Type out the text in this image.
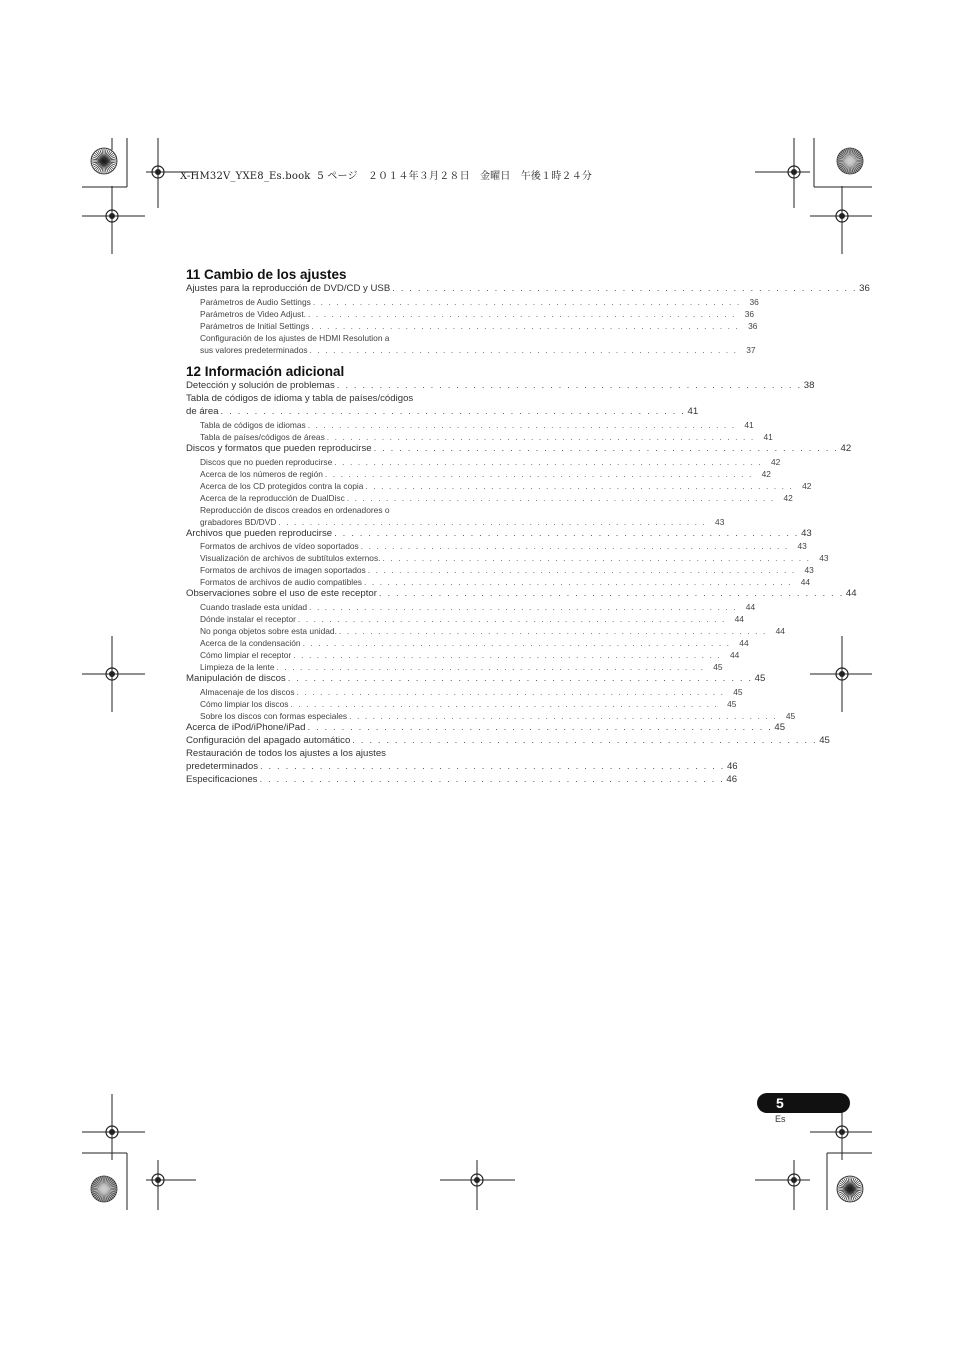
X-HM32V_YXE8_Es.book 5 ページ ２０１４年３月２８日 金曜日 午後１時２４分
11 Cambio de los ajustes
Ajustes para la reproducción de DVD/CD y USB . . . . . . . . . . . . . . . . . . . . . . . . . . . . . . . . . . . . . . . . . . . . . . . . . . . . . . . 36
Parámetros de Audio Settings . . . . . . . . . . . . . . . . . . . . . . . . . . . . . . . . . . . . . . . . . . . . . . . . . . . . . . .	36
Parámetros de Video Adjust. . . . . . . . . . . . . . . . . . . . . . . . . . . . . . . . . . . . . . . . . . . . . . . . . . . . . . . .	36
Parámetros de Initial Settings . . . . . . . . . . . . . . . . . . . . . . . . . . . . . . . . . . . . . . . . . . . . . . . . . . . . . . .	36
Configuración de los ajustes de HDMI Resolution a
sus valores predeterminados . . . . . . . . . . . . . . . . . . . . . . . . . . . . . . . . . . . . . . . . . . . . . . . . . . . . . . .	37
12 Información adicional
Detección y solución de problemas . . . . . . . . . . . . . . . . . . . . . . . . . . . . . . . . . . . . . . . . . . . . . . . . . . . . . . . 38
Tabla de códigos de idioma y tabla de países/códigos
de área . . . . . . . . . . . . . . . . . . . . . . . . . . . . . . . . . . . . . . . . . . . . . . . . . . . . . . . 41
Tabla de códigos de idiomas . . . . . . . . . . . . . . . . . . . . . . . . . . . . . . . . . . . . . . . . . . . . . . . . . . . . . . .	41
Tabla de países/códigos de áreas . . . . . . . . . . . . . . . . . . . . . . . . . . . . . . . . . . . . . . . . . . . . . . . . . . . . . . .	41
Discos y formatos que pueden reproducirse . . . . . . . . . . . . . . . . . . . . . . . . . . . . . . . . . . . . . . . . . . . . . . . . . . . . . . . 42
Discos que no pueden reproducirse . . . . . . . . . . . . . . . . . . . . . . . . . . . . . . . . . . . . . . . . . . . . . . . . . . . . . . .	42
Acerca de los números de región . . . . . . . . . . . . . . . . . . . . . . . . . . . . . . . . . . . . . . . . . . . . . . . . . . . . . . .	42
Acerca de los CD protegidos contra la copia . . . . . . . . . . . . . . . . . . . . . . . . . . . . . . . . . . . . . . . . . . . . . . . . . . . . . . .	42
Acerca de la reproducción de DualDisc . . . . . . . . . . . . . . . . . . . . . . . . . . . . . . . . . . . . . . . . . . . . . . . . . . . . . . .	42
Reproducción de discos creados en ordenadores o
grabadores BD/DVD . . . . . . . . . . . . . . . . . . . . . . . . . . . . . . . . . . . . . . . . . . . . . . . . . . . . . . .	43
Archivos que pueden reproducirse . . . . . . . . . . . . . . . . . . . . . . . . . . . . . . . . . . . . . . . . . . . . . . . . . . . . . . . 43
Formatos de archivos de vídeo soportados . . . . . . . . . . . . . . . . . . . . . . . . . . . . . . . . . . . . . . . . . . . . . . . . . . . . . . .	43
Visualización de archivos de subtítulos externos. . . . . . . . . . . . . . . . . . . . . . . . . . . . . . . . . . . . . . . . . . . . . . . . . . . . . . . .	43
Formatos de archivos de imagen soportados . . . . . . . . . . . . . . . . . . . . . . . . . . . . . . . . . . . . . . . . . . . . . . . . . . . . . . .	43
Formatos de archivos de audio compatibles . . . . . . . . . . . . . . . . . . . . . . . . . . . . . . . . . . . . . . . . . . . . . . . . . . . . . . .	44
Observaciones sobre el uso de este receptor . . . . . . . . . . . . . . . . . . . . . . . . . . . . . . . . . . . . . . . . . . . . . . . . . . . . . . . 44
Cuando traslade esta unidad . . . . . . . . . . . . . . . . . . . . . . . . . . . . . . . . . . . . . . . . . . . . . . . . . . . . . . .	44
Dónde instalar el receptor . . . . . . . . . . . . . . . . . . . . . . . . . . . . . . . . . . . . . . . . . . . . . . . . . . . . . . .	44
No ponga objetos sobre esta unidad. . . . . . . . . . . . . . . . . . . . . . . . . . . . . . . . . . . . . . . . . . . . . . . . . . . . . . . .	44
Acerca de la condensación . . . . . . . . . . . . . . . . . . . . . . . . . . . . . . . . . . . . . . . . . . . . . . . . . . . . . . .	44
Cómo limpiar el receptor . . . . . . . . . . . . . . . . . . . . . . . . . . . . . . . . . . . . . . . . . . . . . . . . . . . . . . .	44
Limpieza de la lente . . . . . . . . . . . . . . . . . . . . . . . . . . . . . . . . . . . . . . . . . . . . . . . . . . . . . . .	45
Manipulación de discos . . . . . . . . . . . . . . . . . . . . . . . . . . . . . . . . . . . . . . . . . . . . . . . . . . . . . . . 45
Almacenaje de los discos . . . . . . . . . . . . . . . . . . . . . . . . . . . . . . . . . . . . . . . . . . . . . . . . . . . . . . .	45
Cómo limpiar los discos . . . . . . . . . . . . . . . . . . . . . . . . . . . . . . . . . . . . . . . . . . . . . . . . . . . . . . .	45
Sobre los discos con formas especiales . . . . . . . . . . . . . . . . . . . . . . . . . . . . . . . . . . . . . . . . . . . . . . . . . . . . . . .	45
Acerca de iPod/iPhone/iPad . . . . . . . . . . . . . . . . . . . . . . . . . . . . . . . . . . . . . . . . . . . . . . . . . . . . . . . 45
Configuración del apagado automático . . . . . . . . . . . . . . . . . . . . . . . . . . . . . . . . . . . . . . . . . . . . . . . . . . . . . . . 45
Restauración de todos los ajustes a los ajustes
predeterminados . . . . . . . . . . . . . . . . . . . . . . . . . . . . . . . . . . . . . . . . . . . . . . . . . . . . . . . 46
Especificaciones . . . . . . . . . . . . . . . . . . . . . . . . . . . . . . . . . . . . . . . . . . . . . . . . . . . . . . . 46
5
Es
